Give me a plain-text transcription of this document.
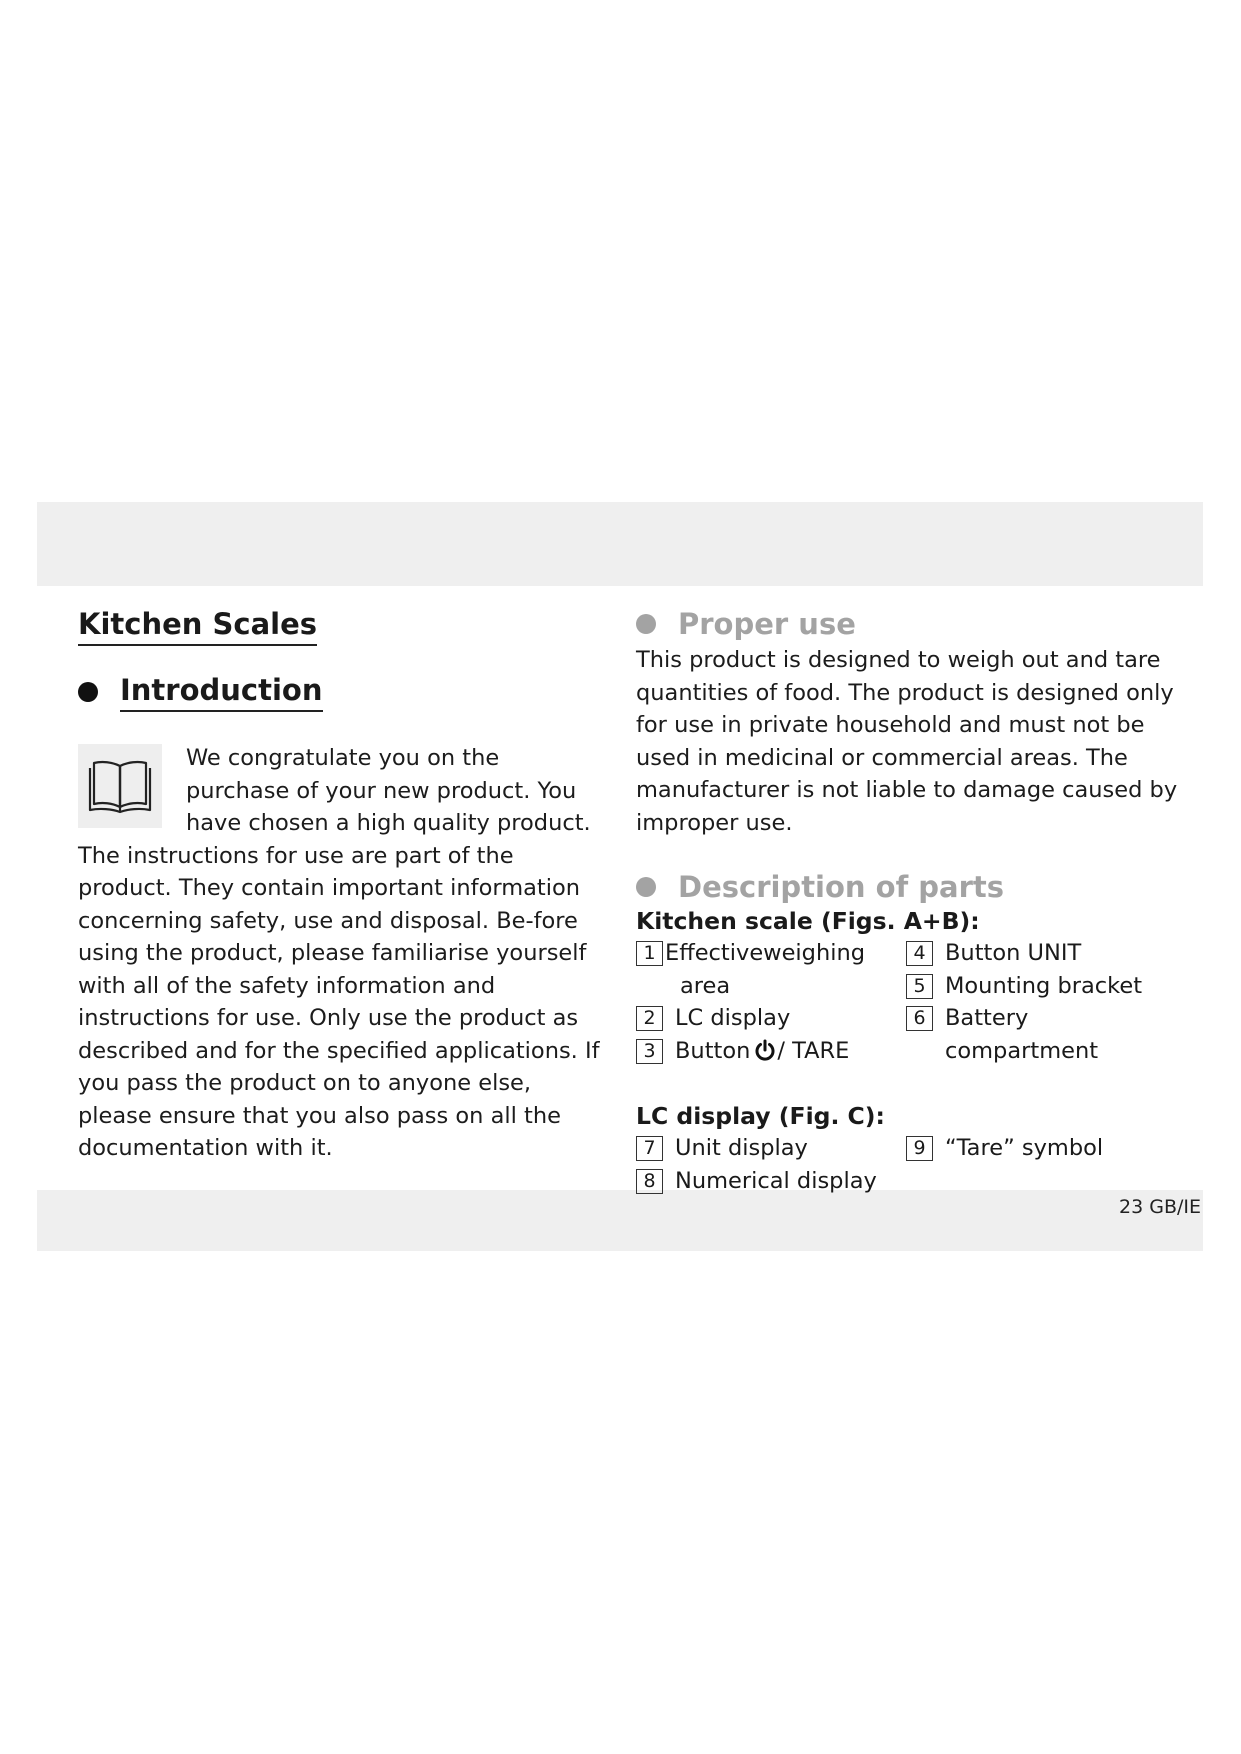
23 GB/IE
Kitchen Scales
Introduction
We congratulate you on the purchase of your new product. You have chosen a high quality product. The instructions for use are part of the product. They contain important information concerning safety, use and disposal. Be-fore using the product, please familiarise yourself with all of the safety information and instructions for use. Only use the product as described and for the specified applications. If you pass the product on to anyone else, please ensure that you also pass on all the documentation with it.
Proper use
This product is designed to weigh out and tare quantities of food. The product is designed only for use in private household and must not be used in medicinal or commercial areas. The manufacturer is not liable to damage caused by improper use.
Description of parts
Kitchen scale (Figs. A+B):
1 Effectiveweighing
area
2 LC display
3 Button / TARE
4 Button UNIT
5 Mounting bracket
6 Battery compartment
LC display (Fig. C):
7 Unit display
8 Numerical display
9 “Tare” symbol
